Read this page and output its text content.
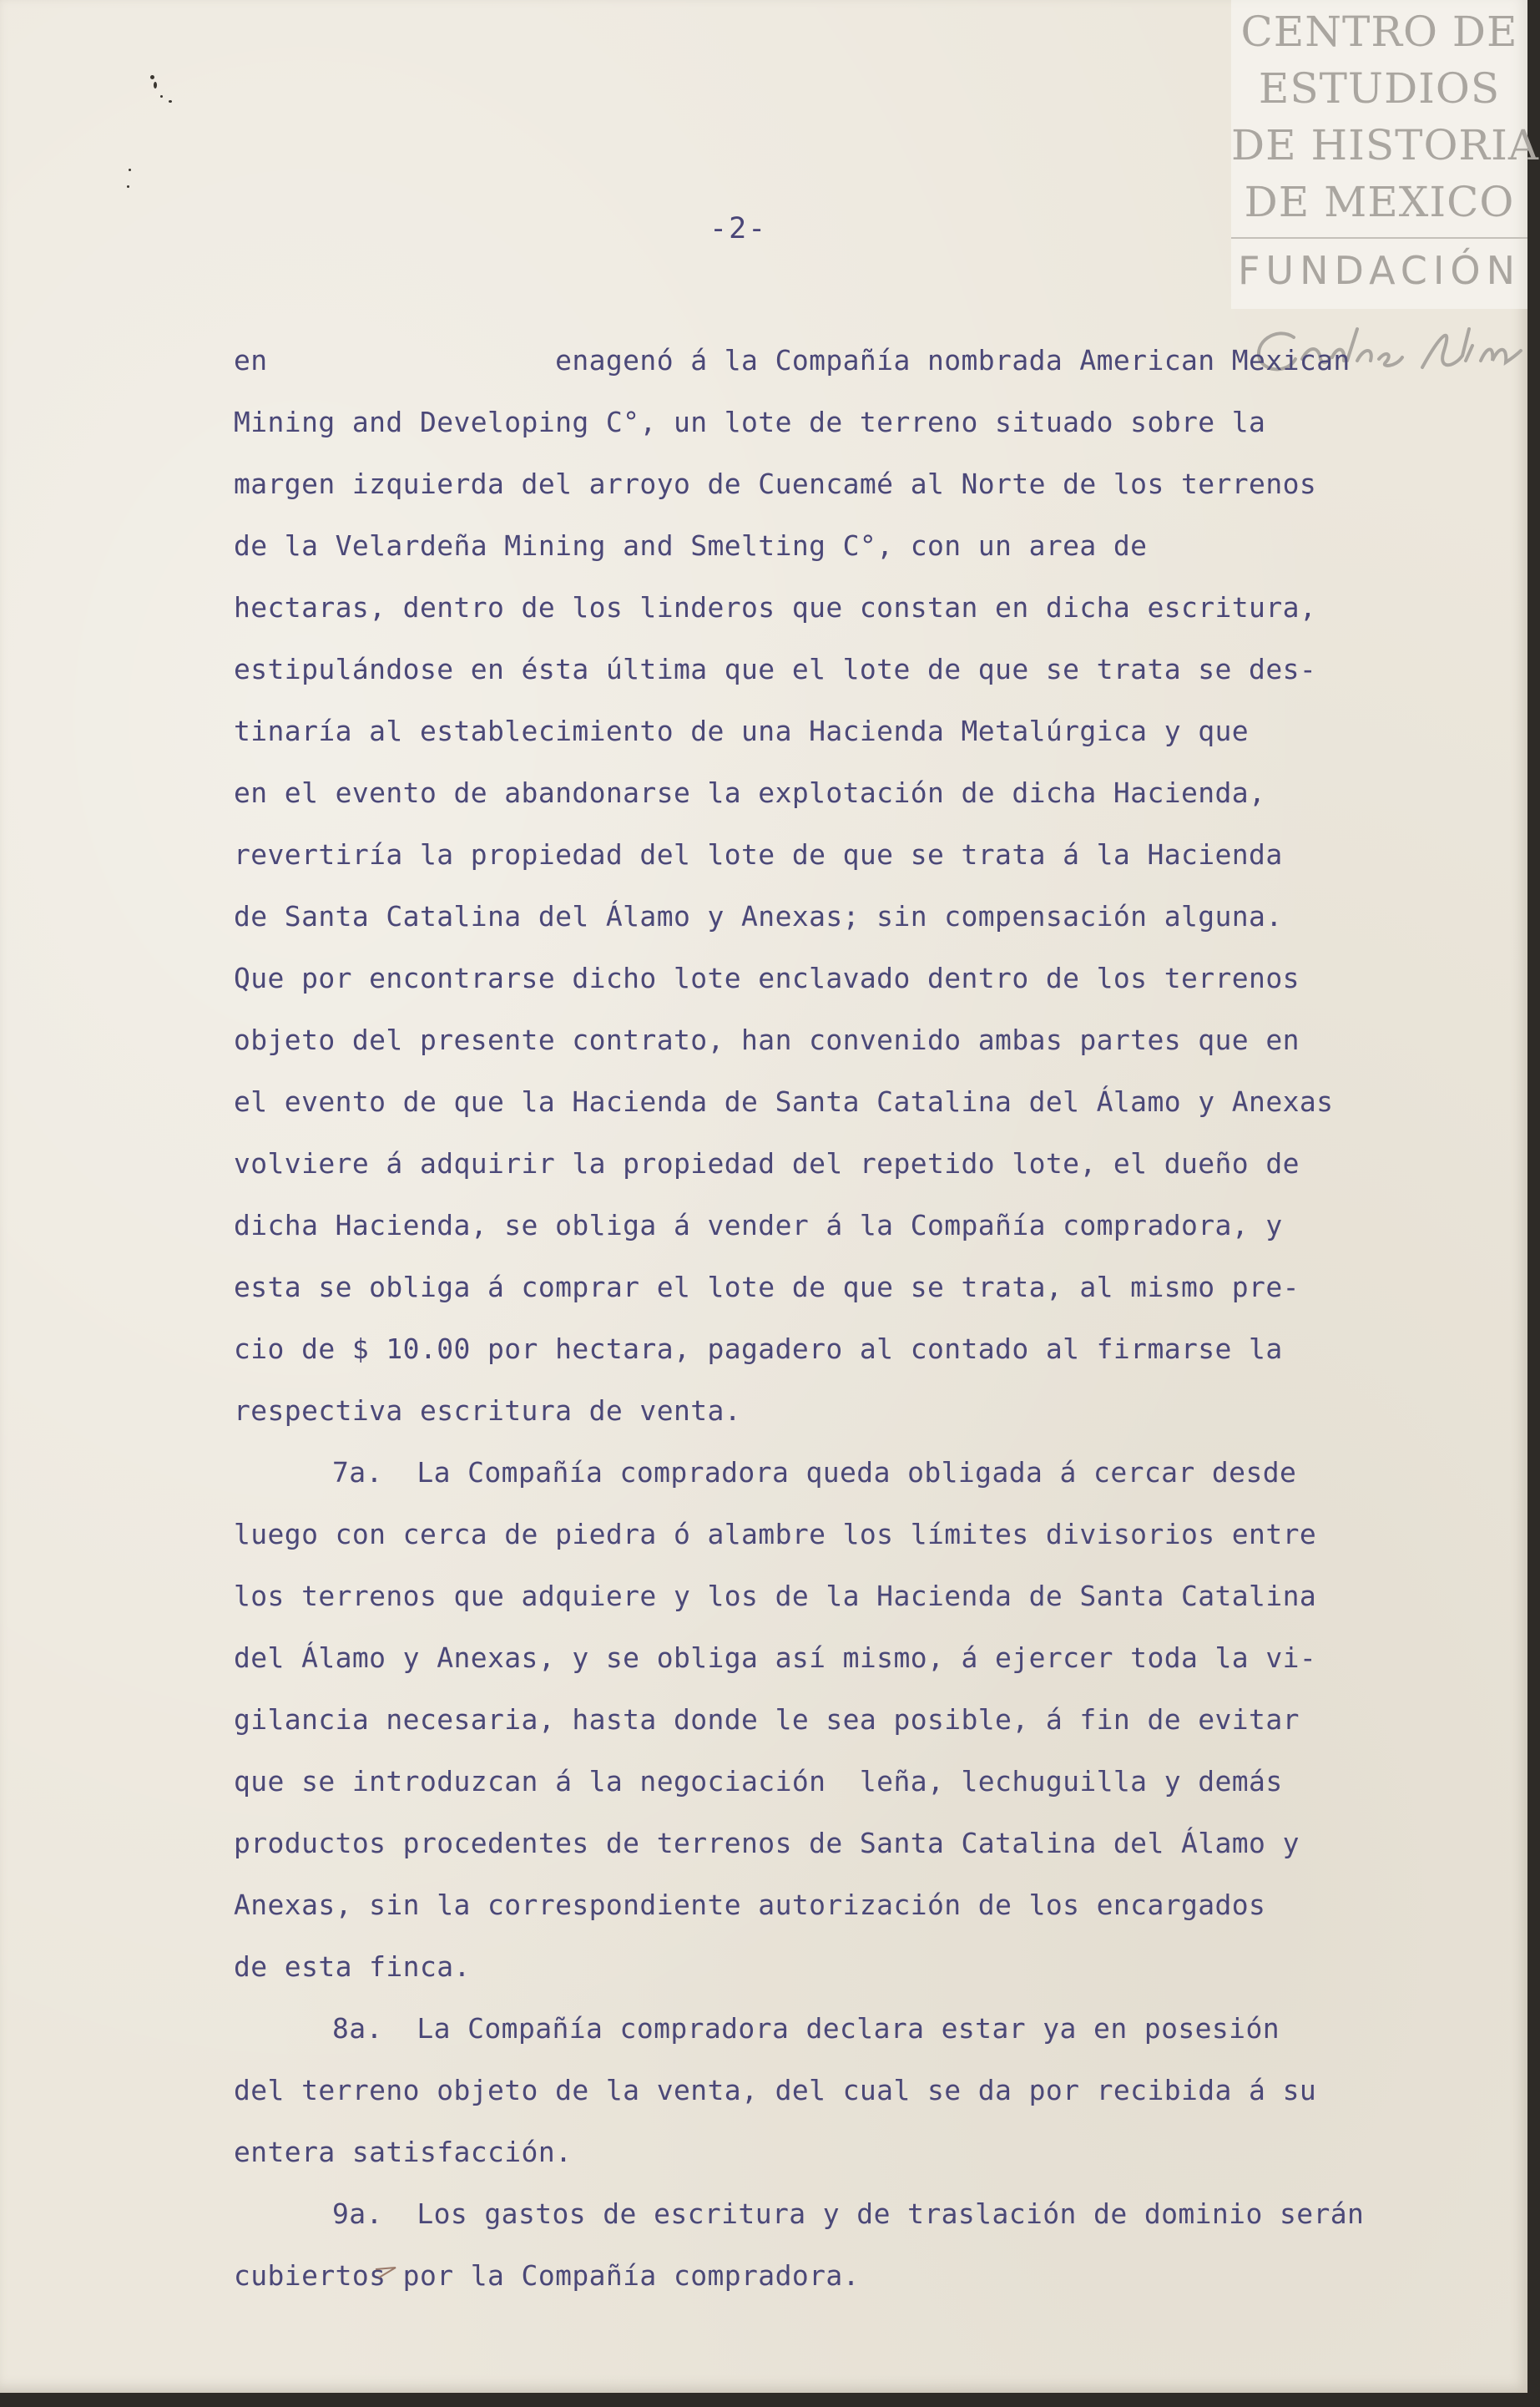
CENTRO DE
ESTUDIOS
DE HISTORIA
DE MEXICO
FUNDACIÓN
-2-
en                 enagenó á la Compañía nombrada American Mexican
Mining and Developing C°, un lote de terreno situado sobre la
margen izquierda del arroyo de Cuencamé al Norte de los terrenos
de la Velardeña Mining and Smelting C°, con un area de
hectaras, dentro de los linderos que constan en dicha escritura,
estipulándose en ésta última que el lote de que se trata se des-
tinaría al establecimiento de una Hacienda Metalúrgica y que
en el evento de abandonarse la explotación de dicha Hacienda,
revertiría la propiedad del lote de que se trata á la Hacienda
de Santa Catalina del Álamo y Anexas; sin compensación alguna.
Que por encontrarse dicho lote enclavado dentro de los terrenos
objeto del presente contrato, han convenido ambas partes que en
el evento de que la Hacienda de Santa Catalina del Álamo y Anexas
volviere á adquirir la propiedad del repetido lote, el dueño de
dicha Hacienda, se obliga á vender á la Compañía compradora, y
esta se obliga á comprar el lote de que se trata, al mismo pre-
cio de $ 10.00 por hectara, pagadero al contado al firmarse la
respectiva escritura de venta.
7a.  La Compañía compradora queda obligada á cercar desde
luego con cerca de piedra ó alambre los límites divisorios entre
los terrenos que adquiere y los de la Hacienda de Santa Catalina
del Álamo y Anexas, y se obliga así mismo, á ejercer toda la vi-
gilancia necesaria, hasta donde le sea posible, á fin de evitar
que se introduzcan á la negociación  leña, lechuguilla y demás
productos procedentes de terrenos de Santa Catalina del Álamo y
Anexas, sin la correspondiente autorización de los encargados
de esta finca.
8a.  La Compañía compradora declara estar ya en posesión
del terreno objeto de la venta, del cual se da por recibida á su
entera satisfacción.
9a.  Los gastos de escritura y de traslación de dominio serán
cubiertos por la Compañía compradora.
